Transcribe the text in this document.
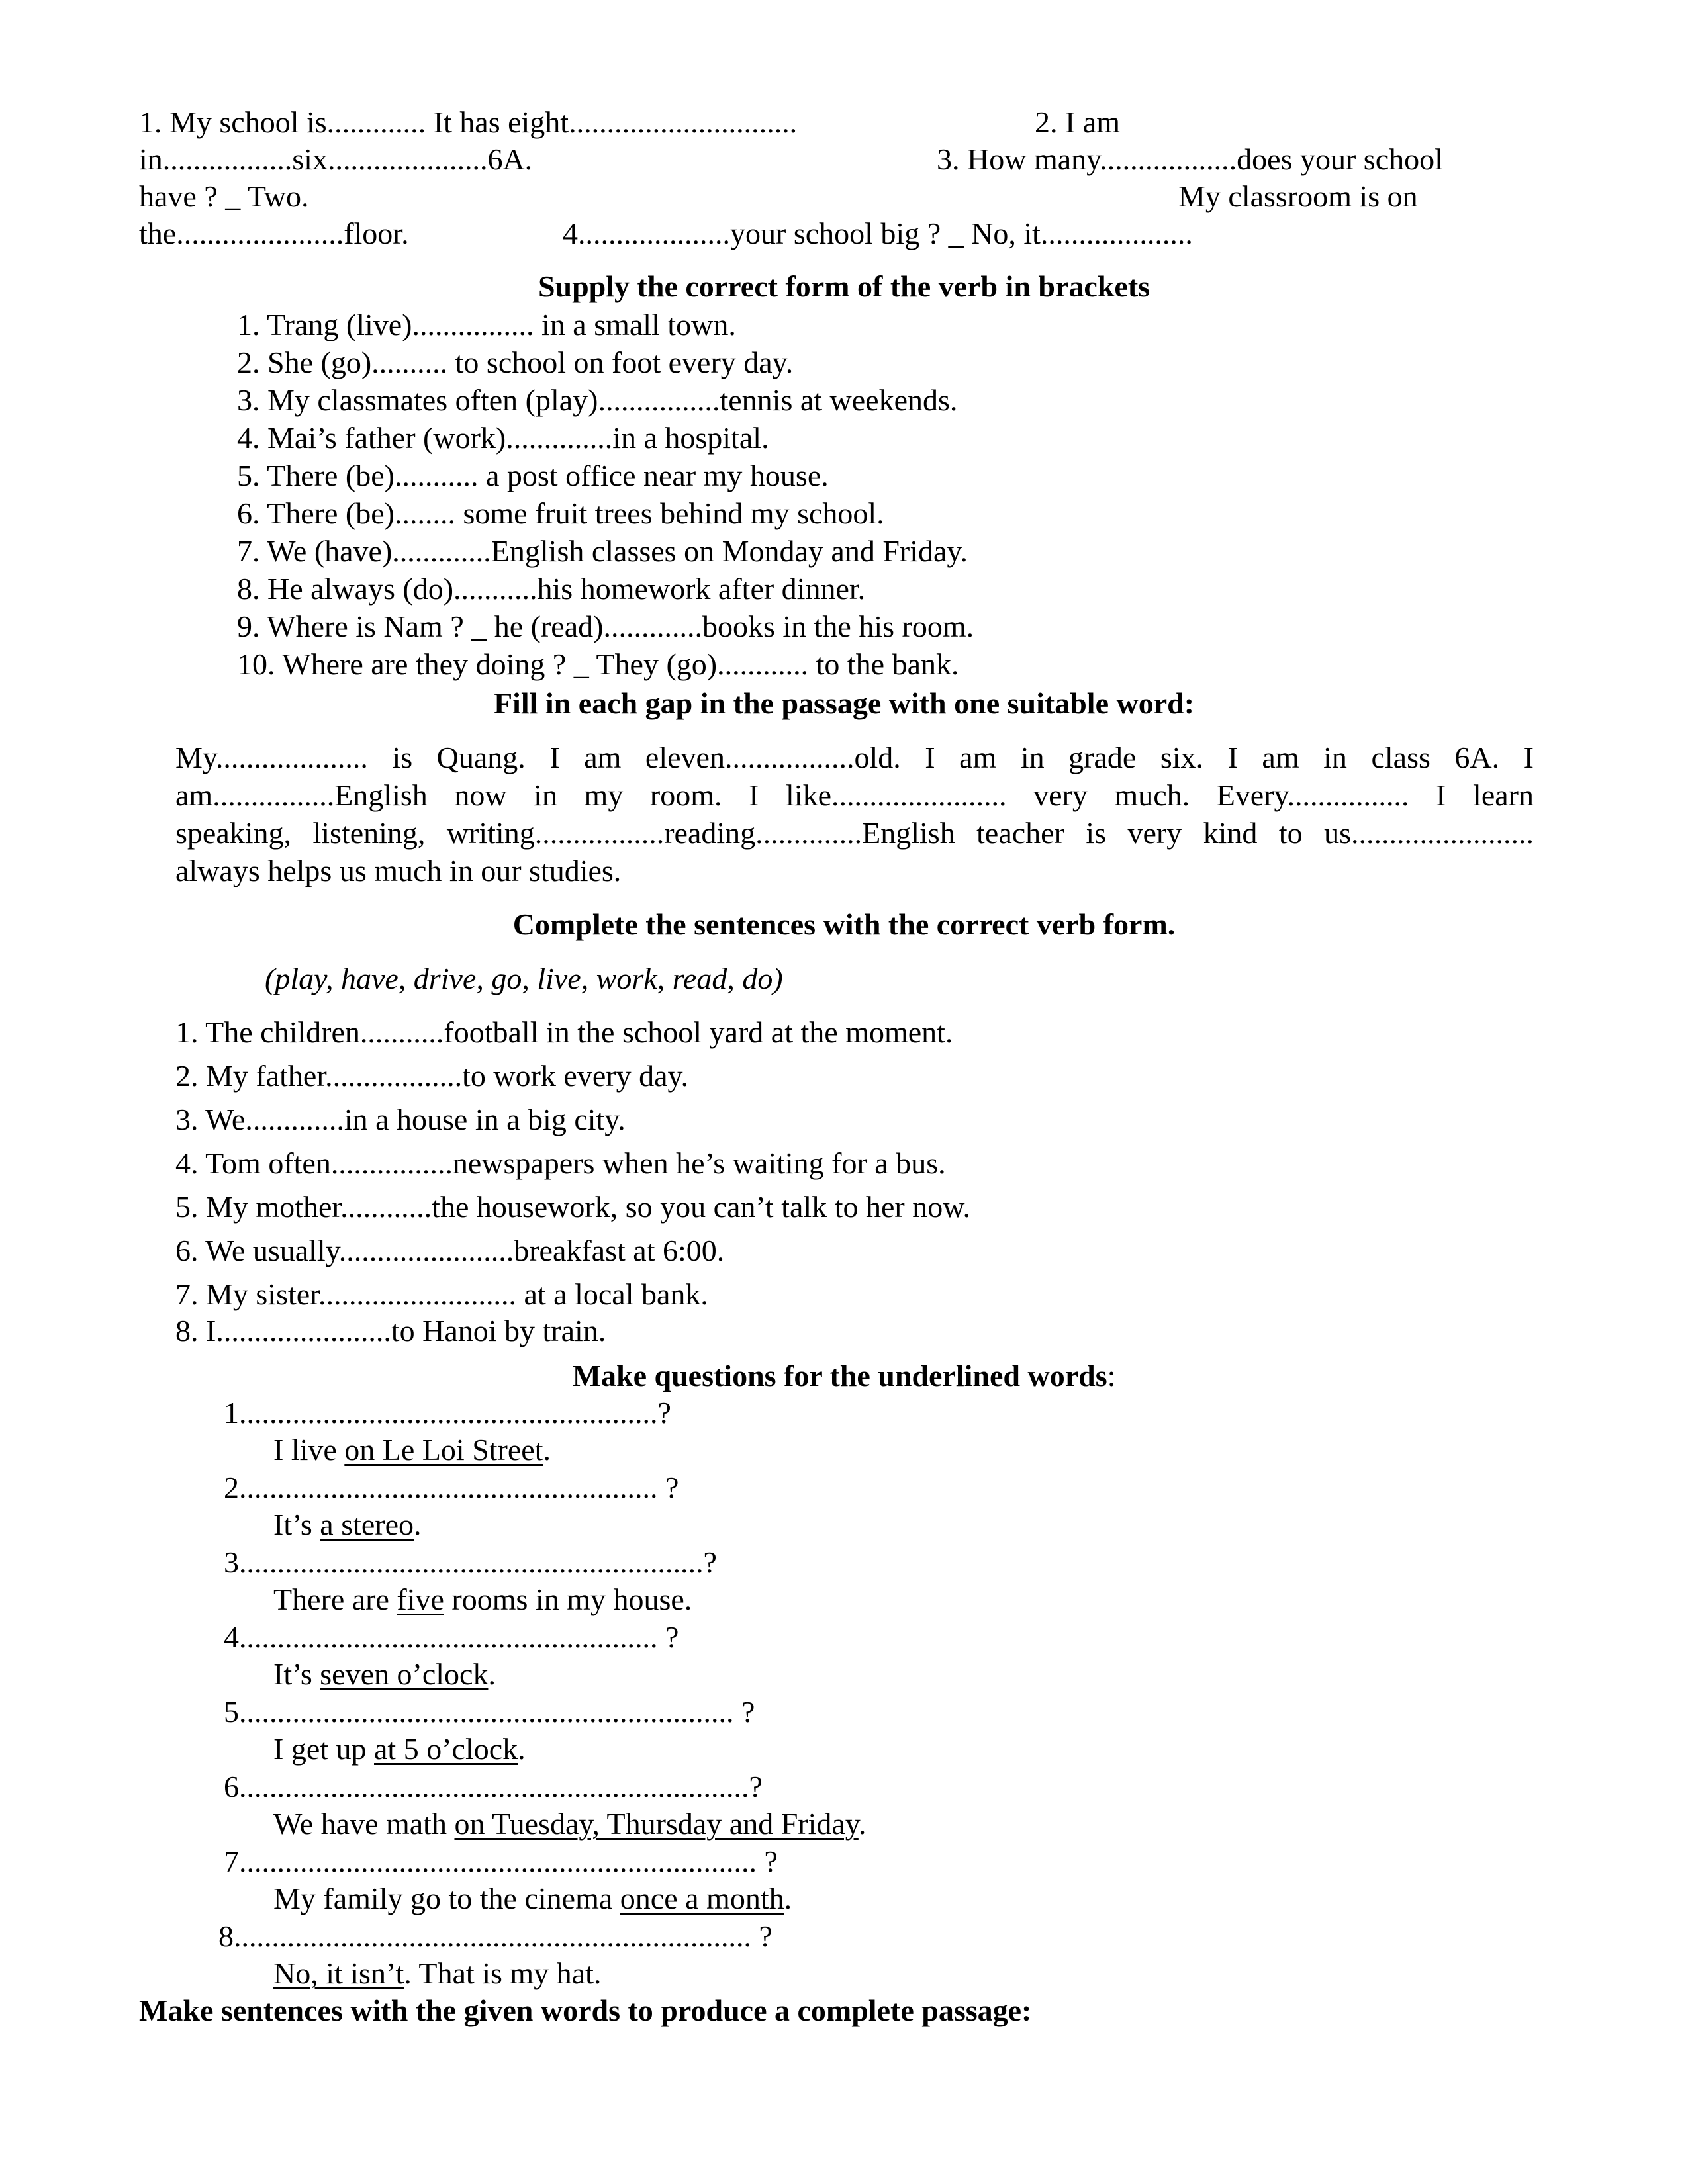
1. My school is............. It has eight..............................	2. I am
in.................six.....................6A.	3. How many..................does your school
have ? _ Two.	My classroom is on
the......................floor.	4....................your school big ? _ No, it....................
Supply the correct form of the verb in brackets
1. Trang (live)................ in a small town.
2. She (go).......... to school on foot every day.
3. My classmates often (play)................tennis at weekends.
4. Mai’s father (work)..............in a hospital.
5. There (be)........... a post office near my house.
6. There (be)........ some fruit trees behind my school.
7. We (have).............English classes on Monday and Friday.
8. He always (do)...........his homework after dinner.
9. Where is Nam ? _ he (read).............books in the his room.
10. Where are they doing ? _ They (go)............ to the bank.
Fill in each gap in the passage with one suitable word:
My.................... is Quang. I am eleven.................old. I am in grade six. I am in class 6A. I
am................English now in my room. I like....................... very much. Every................ I learn
speaking, listening, writing.................reading..............English teacher is very kind to us........................
always helps us much in our studies.
Complete the sentences with the correct verb form.
(play, have, drive, go, live, work, read, do)
1. The children...........football in the school yard at the moment.
2. My father..................to work every day.
3. We.............in a house in a big city.
4. Tom often................newspapers when he’s waiting for a bus.
5. My mother............the housework, so you can’t talk to her now.
6. We usually.......................breakfast at 6:00.
7. My sister.......................... at a local bank.
8. I.......................to Hanoi by train.
Make questions for the underlined words:
1.......................................................?
I live on Le Loi Street.
2....................................................... ?
It’s a stereo.
3.............................................................?
There are five rooms in my house.
4....................................................... ?
It’s seven o’clock.
5................................................................. ?
I get up at 5 o’clock.
6...................................................................?
We have math on Tuesday, Thursday and Friday.
7.................................................................... ?
My family go to the cinema once a month.
8.................................................................... ?
No, it isn’t. That is my hat.
Make sentences with the given words to produce a complete passage:
